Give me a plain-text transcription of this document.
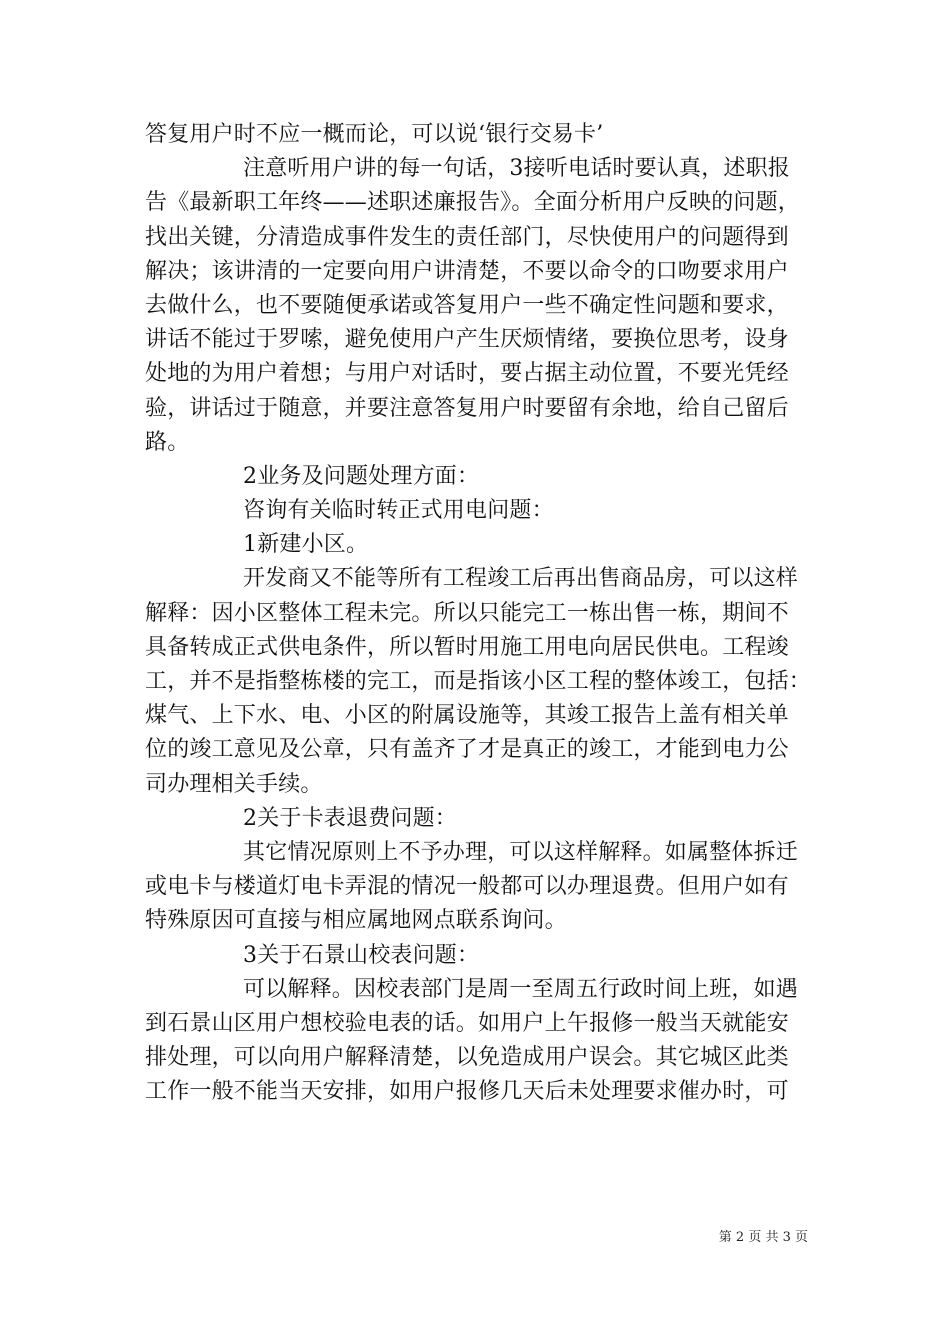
答复用户时不应一概而论，可以说‘银行交易卡’
注意听用户讲的每一句话，3接听电话时要认真，述职报
告《最新职工年终——述职述廉报告》。全面分析用户反映的问题，
找出关键，分清造成事件发生的责任部门，尽快使用户的问题得到
解决；该讲清的一定要向用户讲清楚，不要以命令的口吻要求用户
去做什么，也不要随便承诺或答复用户一些不确定性问题和要求，
讲话不能过于罗嗦，避免使用户产生厌烦情绪，要换位思考，设身
处地的为用户着想；与用户对话时，要占据主动位置，不要光凭经
验，讲话过于随意，并要注意答复用户时要留有余地，给自己留后
路。
2业务及问题处理方面：
咨询有关临时转正式用电问题：
1新建小区。
开发商又不能等所有工程竣工后再出售商品房，可以这样
解释：因小区整体工程未完。所以只能完工一栋出售一栋，期间不
具备转成正式供电条件，所以暂时用施工用电向居民供电。工程竣
工，并不是指整栋楼的完工，而是指该小区工程的整体竣工，包括：
煤气、上下水、电、小区的附属设施等，其竣工报告上盖有相关单
位的竣工意见及公章，只有盖齐了才是真正的竣工，才能到电力公
司办理相关手续。
2关于卡表退费问题：
其它情况原则上不予办理，可以这样解释。如属整体拆迁
或电卡与楼道灯电卡弄混的情况一般都可以办理退费。但用户如有
特殊原因可直接与相应属地网点联系询问。
3关于石景山校表问题：
可以解释。因校表部门是周一至周五行政时间上班，如遇
到石景山区用户想校验电表的话。如用户上午报修一般当天就能安
排处理，可以向用户解释清楚，以免造成用户误会。其它城区此类
工作一般不能当天安排，如用户报修几天后未处理要求催办时，可
第 2 页 共 3 页
